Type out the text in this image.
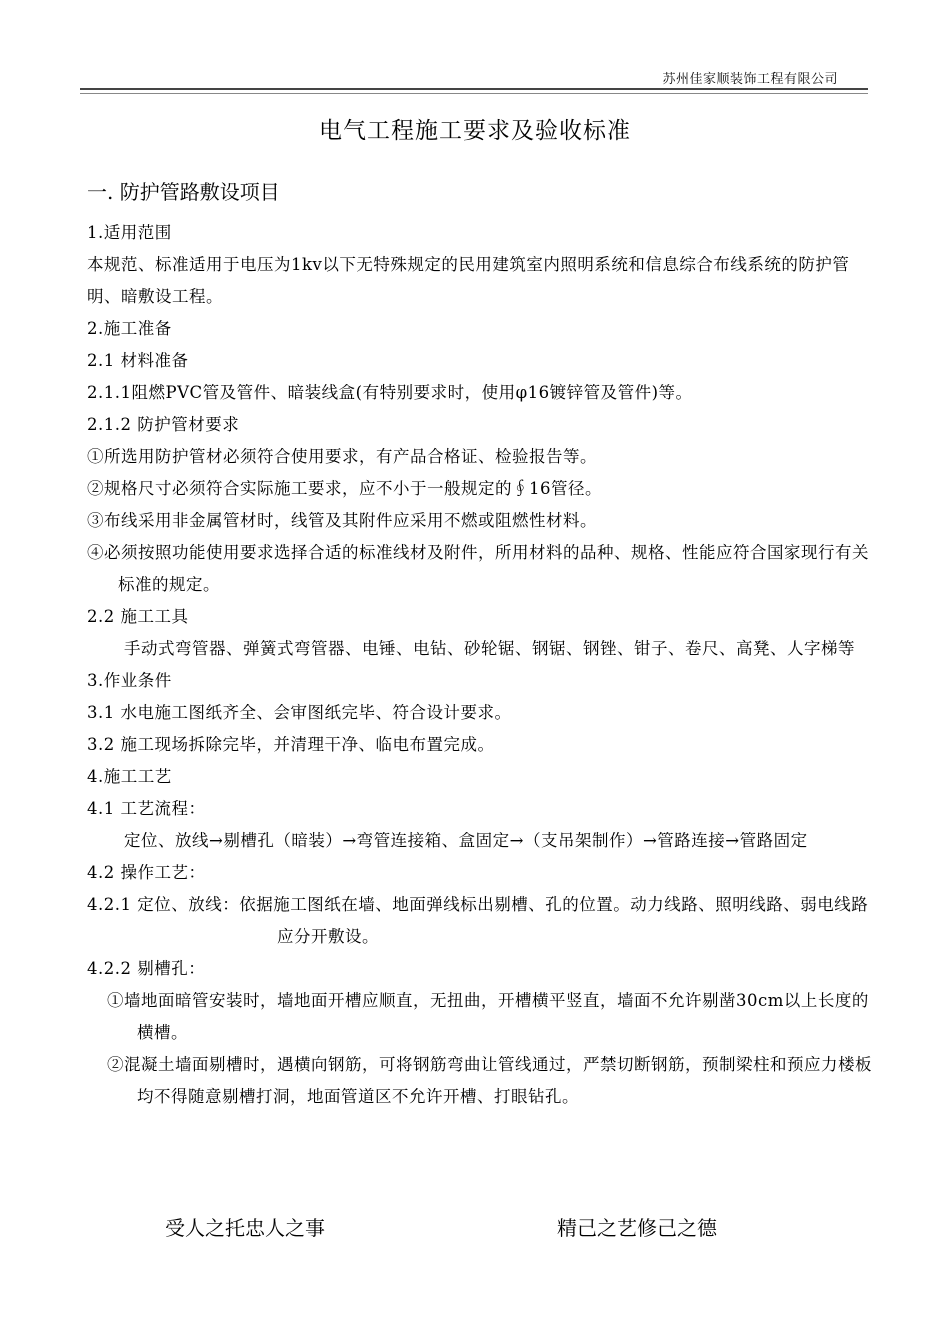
苏州佳家顺装饰工程有限公司
电气工程施工要求及验收标准
一. 防护管路敷设项目
1.适用范围
本规范、标准适用于电压为1kv以下无特殊规定的民用建筑室内照明系统和信息综合布线系统的防护管明、暗敷设工程。
2.施工准备
2.1 材料准备
2.1.1阻燃PVC管及管件、暗装线盒(有特别要求时，使用φ16镀锌管及管件)等。
2.1.2 防护管材要求
①所选用防护管材必须符合使用要求，有产品合格证、检验报告等。
②规格尺寸必须符合实际施工要求，应不小于一般规定的∮16管径。
③布线采用非金属管材时，线管及其附件应采用不燃或阻燃性材料。
④必须按照功能使用要求选择合适的标准线材及附件，所用材料的品种、规格、性能应符合国家现行有关标准的规定。
2.2 施工工具
手动式弯管器、弹簧式弯管器、电锤、电钻、砂轮锯、钢锯、钢锉、钳子、卷尺、高凳、人字梯等
3.作业条件
3.1 水电施工图纸齐全、会审图纸完毕、符合设计要求。
3.2 施工现场拆除完毕，并清理干净、临电布置完成。
4.施工工艺
4.1 工艺流程：
定位、放线→剔槽孔（暗装）→弯管连接箱、盒固定→（支吊架制作）→管路连接→管路固定
4.2 操作工艺：
4.2.1 定位、放线：依据施工图纸在墙、地面弹线标出剔槽、孔的位置。动力线路、照明线路、弱电线路应分开敷设。
4.2.2 剔槽孔：
①墙地面暗管安装时，墙地面开槽应顺直，无扭曲，开槽横平竖直，墙面不允许剔凿30cm以上长度的横槽。
②混凝土墙面剔槽时，遇横向钢筋，可将钢筋弯曲让管线通过，严禁切断钢筋，预制梁柱和预应力楼板均不得随意剔槽打洞，地面管道区不允许开槽、打眼钻孔。
受人之托忠人之事	精己之艺修己之德
